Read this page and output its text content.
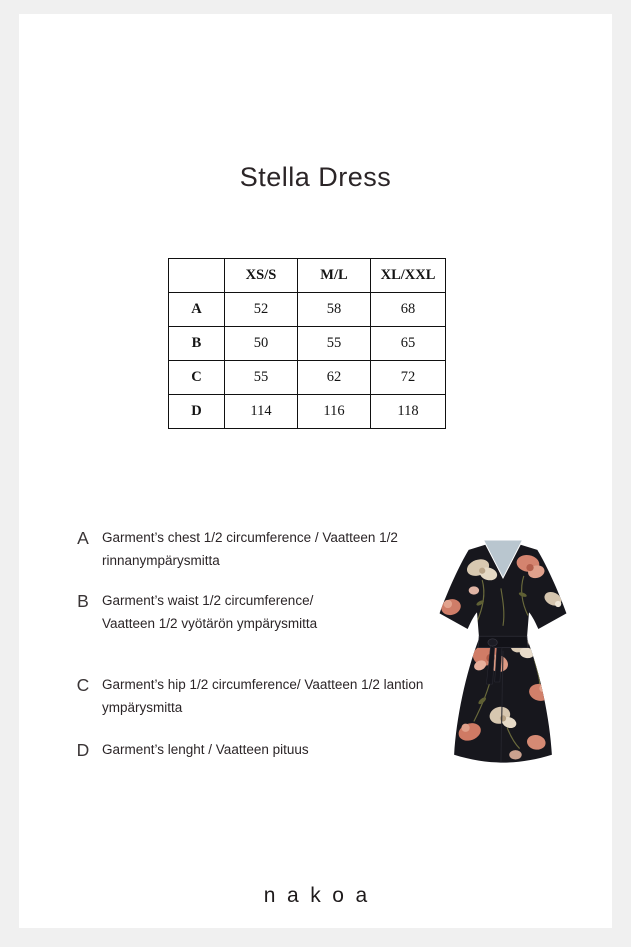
Stella Dress
	XS/S	M/L	XL/XXL
A	52	58	68
B	50	55	65
C	55	62	72
D	114	116	118
A Garment’s chest 1/2 circumference / Vaatteen 1/2
rinnanympärysmitta
B Garment’s waist 1/2 circumference/
Vaatteen 1/2 vyötärön ympärysmitta
C Garment’s hip 1/2 circumference/ Vaatteen 1/2 lantion
ympärysmitta
D Garment’s lenght / Vaatteen pituus
nakoa
